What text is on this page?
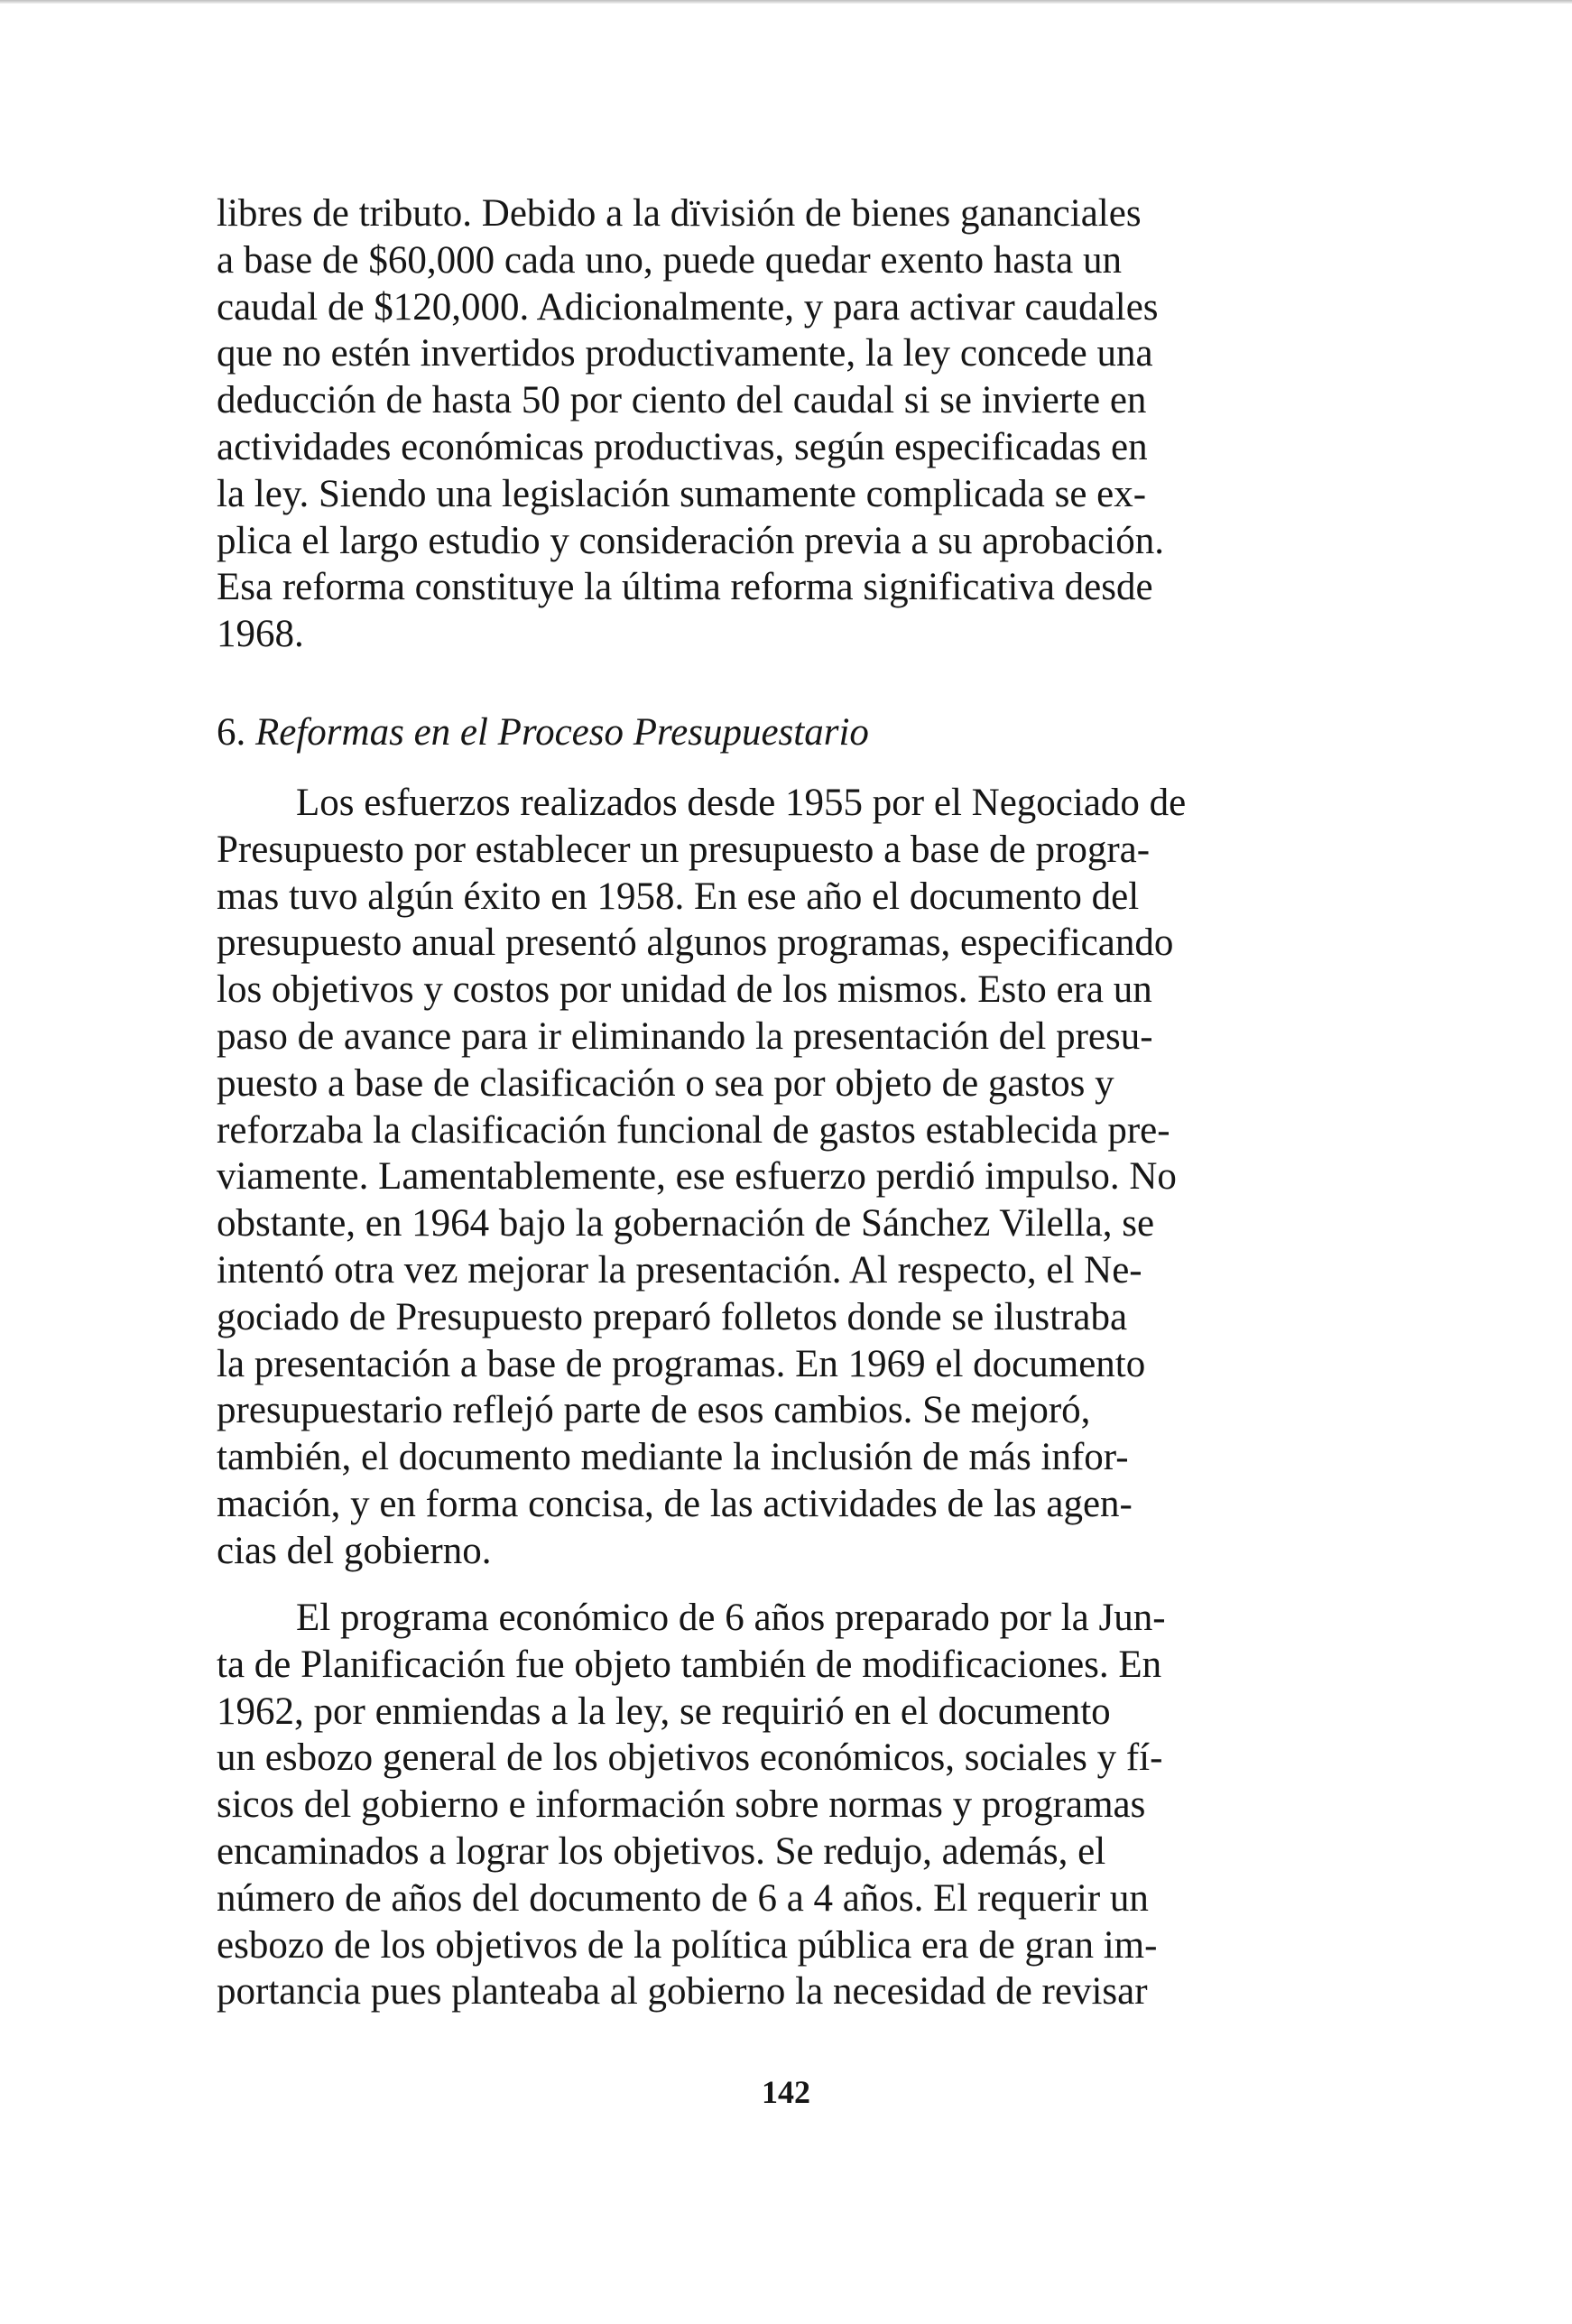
libres de tributo. Debido a la dïvisión de bienes gananciales
a base de $60,000 cada uno, puede quedar exento hasta un
caudal de $120,000. Adicionalmente, y para activar caudales
que no estén invertidos productivamente, la ley concede una
deducción de hasta 50 por ciento del caudal si se invierte en
actividades económicas productivas, según especificadas en
la ley. Siendo una legislación sumamente complicada se ex-
plica el largo estudio y consideración previa a su aprobación.
Esa reforma constituye la última reforma significativa desde
1968.

6. Reformas en el Proceso Presupuestario

Los esfuerzos realizados desde 1955 por el Negociado de
Presupuesto por establecer un presupuesto a base de progra-
mas tuvo algún éxito en 1958. En ese año el documento del
presupuesto anual presentó algunos programas, especificando
los objetivos y costos por unidad de los mismos. Esto era un
paso de avance para ir eliminando la presentación del presu-
puesto a base de clasificación o sea por objeto de gastos y
reforzaba la clasificación funcional de gastos establecida pre-
viamente. Lamentablemente, ese esfuerzo perdió impulso. No
obstante, en 1964 bajo la gobernación de Sánchez Vilella, se
intentó otra vez mejorar la presentación. Al respecto, el Ne-
gociado de Presupuesto preparó folletos donde se ilustraba
la presentación a base de programas. En 1969 el documento
presupuestario reflejó parte de esos cambios. Se mejoró,
también, el documento mediante la inclusión de más infor-
mación, y en forma concisa, de las actividades de las agen-
cias del gobierno.

El programa económico de 6 años preparado por la Jun-
ta de Planificación fue objeto también de modificaciones. En
1962, por enmiendas a la ley, se requirió en el documento
un esbozo general de los objetivos económicos, sociales y fí-
sicos del gobierno e información sobre normas y programas
encaminados a lograr los objetivos. Se redujo, además, el
número de años del documento de 6 a 4 años. El requerir un
esbozo de los objetivos de la política pública era de gran im-
portancia pues planteaba al gobierno la necesidad de revisar

142
